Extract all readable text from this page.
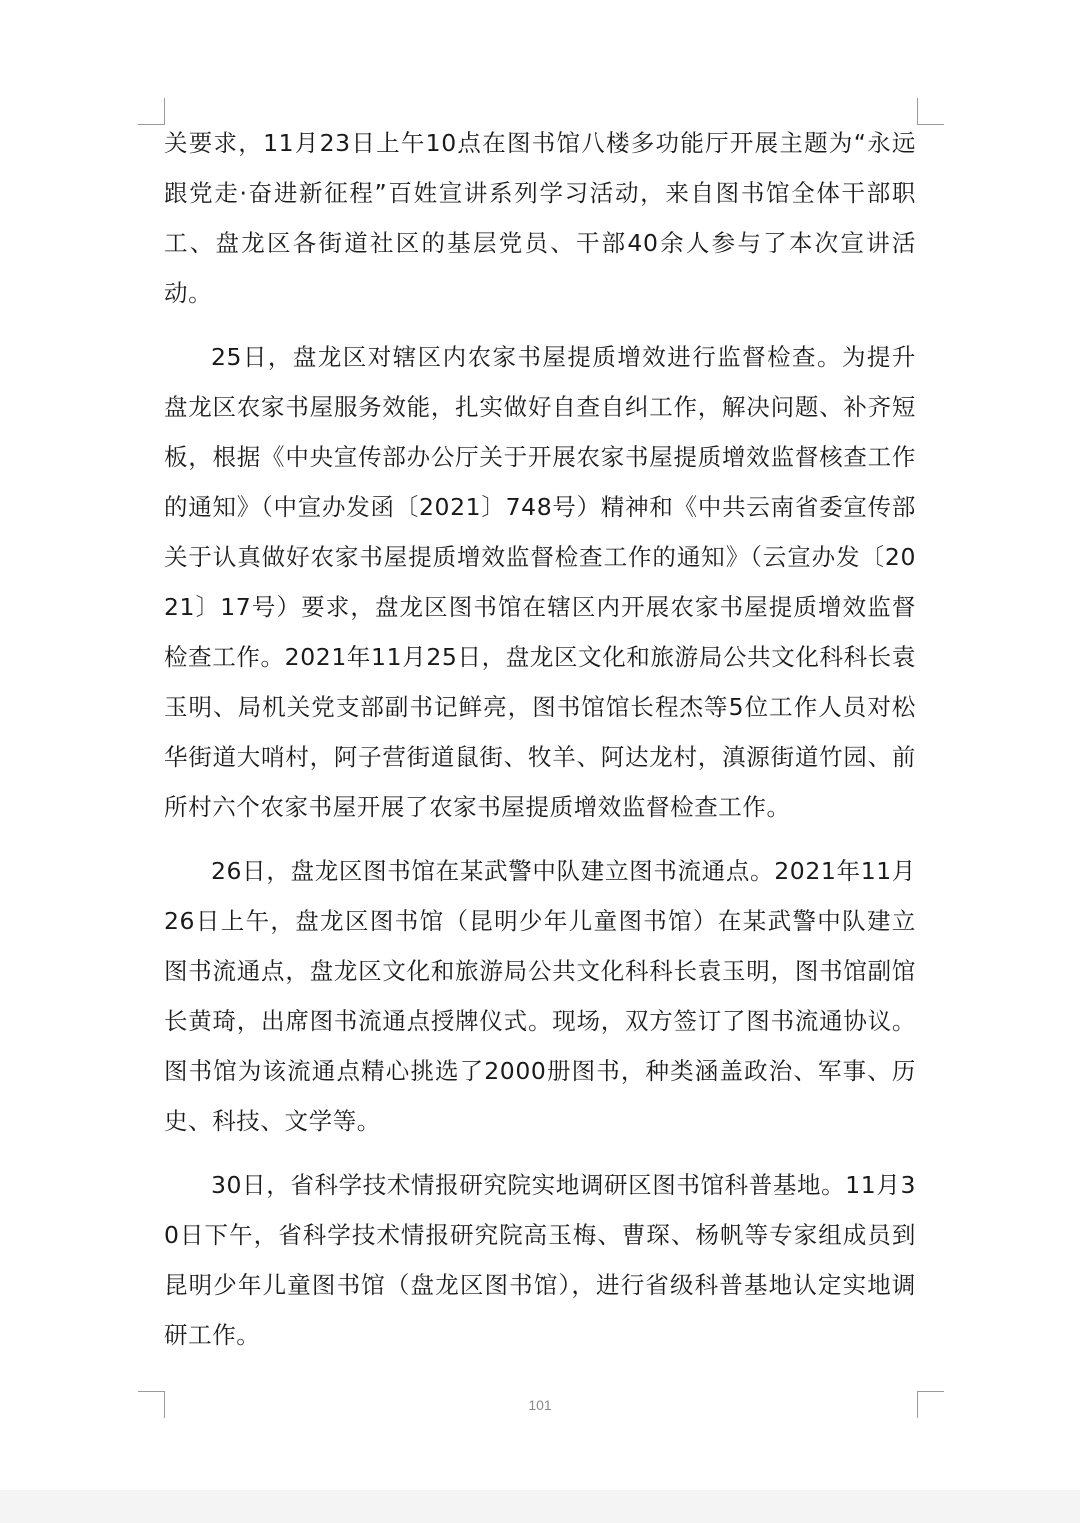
关要求，11月23日上午10点在图书馆八楼多功能厅开展主题为“永远跟党走·奋进新征程”百姓宣讲系列学习活动，来自图书馆全体干部职工、盘龙区各街道社区的基层党员、干部40余人参与了本次宣讲活动。

25日，盘龙区对辖区内农家书屋提质增效进行监督检查。为提升盘龙区农家书屋服务效能，扎实做好自查自纠工作，解决问题、补齐短板，根据《中央宣传部办公厅关于开展农家书屋提质增效监督核查工作的通知》（中宣办发函〔2021〕748号）精神和《中共云南省委宣传部关于认真做好农家书屋提质增效监督检查工作的通知》（云宣办发〔2021〕17号）要求，盘龙区图书馆在辖区内开展农家书屋提质增效监督检查工作。2021年11月25日，盘龙区文化和旅游局公共文化科科长袁玉明、局机关党支部副书记鲜亮，图书馆馆长程杰等5位工作人员对松华街道大哨村，阿子营街道鼠街、牧羊、阿达龙村，滇源街道竹园、前所村六个农家书屋开展了农家书屋提质增效监督检查工作。

26日，盘龙区图书馆在某武警中队建立图书流通点。2021年11月26日上午，盘龙区图书馆（昆明少年儿童图书馆）在某武警中队建立图书流通点，盘龙区文化和旅游局公共文化科科长袁玉明，图书馆副馆长黄琦，出席图书流通点授牌仪式。现场，双方签订了图书流通协议。图书馆为该流通点精心挑选了2000册图书，种类涵盖政治、军事、历史、科技、文学等。

30日，省科学技术情报研究院实地调研区图书馆科普基地。11月30日下午，省科学技术情报研究院高玉梅、曹琛、杨帆等专家组成员到昆明少年儿童图书馆（盘龙区图书馆），进行省级科普基地认定实地调研工作。

101
